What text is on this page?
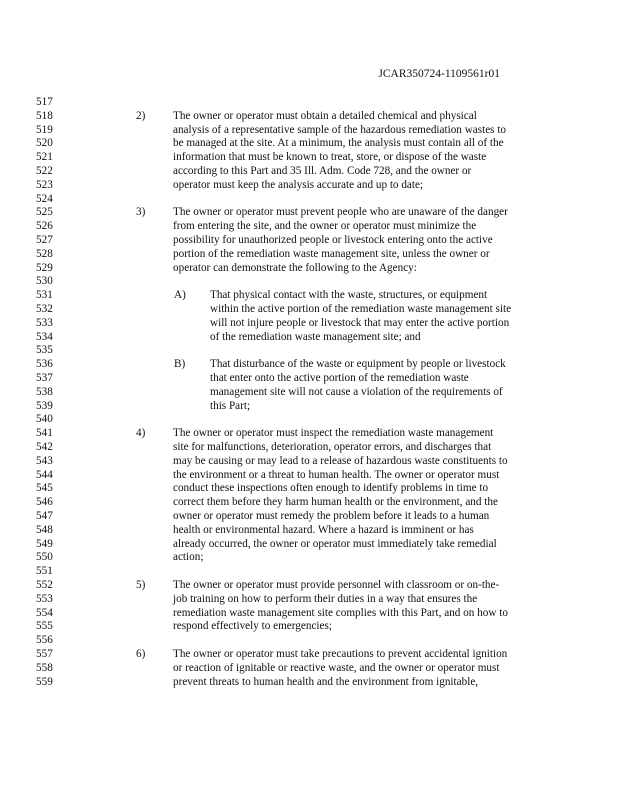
JCAR350724-1109561r01
517
518	2) The owner or operator must obtain a detailed chemical and physical
519	analysis of a representative sample of the hazardous remediation wastes to
520	be managed at the site. At a minimum, the analysis must contain all of the
521	information that must be known to treat, store, or dispose of the waste
522	according to this Part and 35 Ill. Adm. Code 728, and the owner or
523	operator must keep the analysis accurate and up to date;
524
525	3) The owner or operator must prevent people who are unaware of the danger
526	from entering the site, and the owner or operator must minimize the
527	possibility for unauthorized people or livestock entering onto the active
528	portion of the remediation waste management site, unless the owner or
529	operator can demonstrate the following to the Agency:
530
531	A) That physical contact with the waste, structures, or equipment
532	within the active portion of the remediation waste management site
533	will not injure people or livestock that may enter the active portion
534	of the remediation waste management site; and
535
536	B) That disturbance of the waste or equipment by people or livestock
537	that enter onto the active portion of the remediation waste
538	management site will not cause a violation of the requirements of
539	this Part;
540
541	4) The owner or operator must inspect the remediation waste management
542	site for malfunctions, deterioration, operator errors, and discharges that
543	may be causing or may lead to a release of hazardous waste constituents to
544	the environment or a threat to human health. The owner or operator must
545	conduct these inspections often enough to identify problems in time to
546	correct them before they harm human health or the environment, and the
547	owner or operator must remedy the problem before it leads to a human
548	health or environmental hazard. Where a hazard is imminent or has
549	already occurred, the owner or operator must immediately take remedial
550	action;
551
552	5) The owner or operator must provide personnel with classroom or on-the-
553	job training on how to perform their duties in a way that ensures the
554	remediation waste management site complies with this Part, and on how to
555	respond effectively to emergencies;
556
557	6) The owner or operator must take precautions to prevent accidental ignition
558	or reaction of ignitable or reactive waste, and the owner or operator must
559	prevent threats to human health and the environment from ignitable,
